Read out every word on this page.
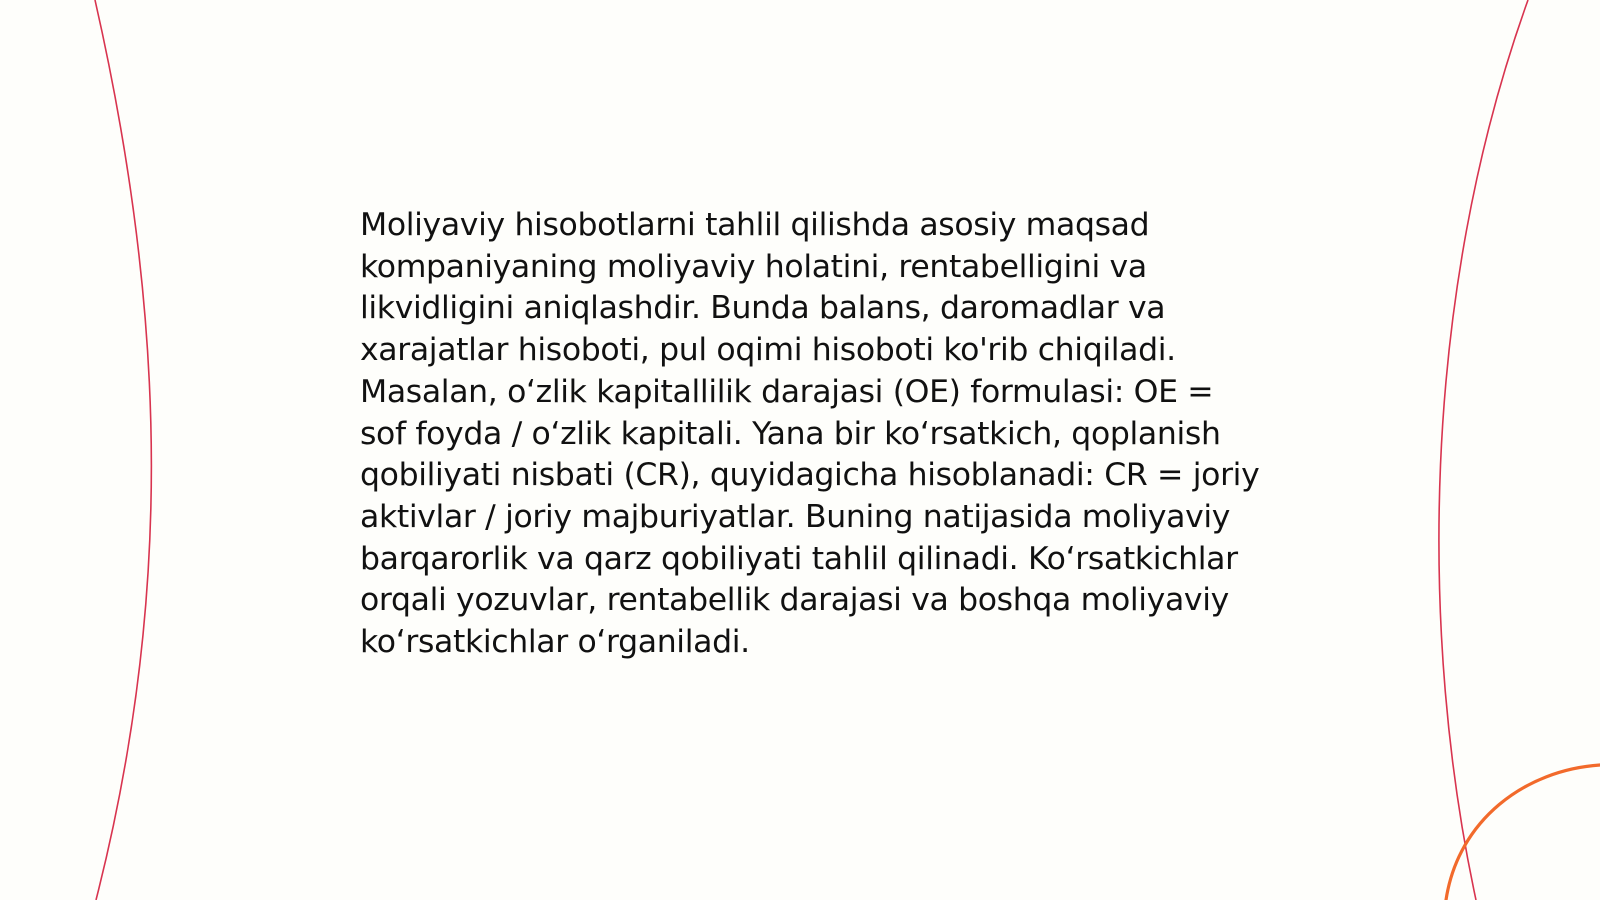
Moliyaviy hisobotlarni tahlil qilishda asosiy maqsad kompaniyaning moliyaviy holatini, rentabelligini va likvidligini aniqlashdir. Bunda balans, daromadlar va xarajatlar hisoboti, pul oqimi hisoboti ko'rib chiqiladi. Masalan, oʻzlik kapitallilik darajasi (OE) formulasi: OE = sof foyda / oʻzlik kapitali. Yana bir koʻrsatkich, qoplanish qobiliyati nisbati (CR), quyidagicha hisoblanadi: CR = joriy aktivlar / joriy majburiyatlar. Buning natijasida moliyaviy barqarorlik va qarz qobiliyati tahlil qilinadi. Koʻrsatkichlar orqali yozuvlar, rentabellik darajasi va boshqa moliyaviy koʻrsatkichlar oʻrganiladi.
